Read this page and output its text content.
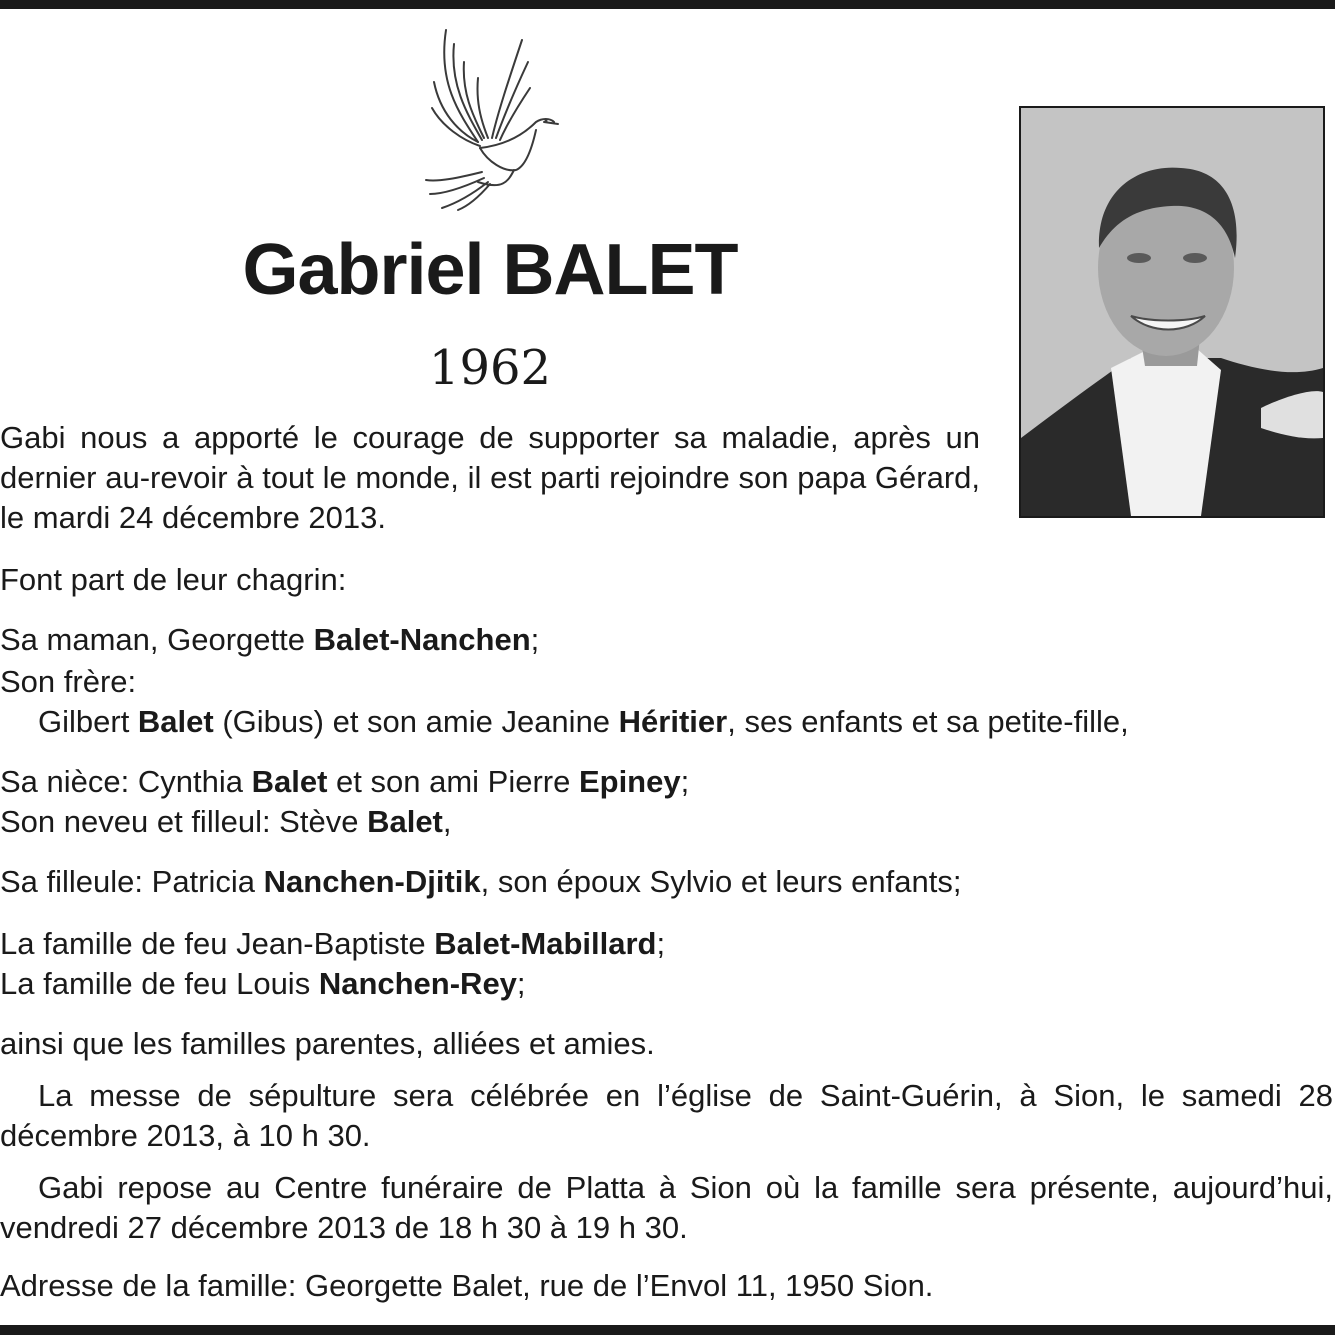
Gabriel BALET
1962
Gabi nous a apporté le courage de supporter sa maladie, après un dernier au-revoir à tout le monde, il est parti rejoindre son papa Gérard, le mardi 24 décembre 2013.
Font part de leur chagrin:
Sa maman, Georgette Balet-Nanchen;
Son frère:
Gilbert Balet (Gibus) et son amie Jeanine Héritier, ses enfants et sa petite-fille,
Sa nièce: Cynthia Balet et son ami Pierre Epiney;
Son neveu et filleul: Stève Balet,
Sa filleule: Patricia Nanchen-Djitik, son époux Sylvio et leurs enfants;
La famille de feu Jean-Baptiste Balet-Mabillard;
La famille de feu Louis Nanchen-Rey;
ainsi que les familles parentes, alliées et amies.
La messe de sépulture sera célébrée en l’église de Saint-Guérin, à Sion, le samedi 28 décembre 2013, à 10 h 30.
Gabi repose au Centre funéraire de Platta à Sion où la famille sera présente, aujourd’hui, vendredi 27 décembre 2013 de 18 h 30 à 19 h 30.
Adresse de la famille: Georgette Balet, rue de l’Envol 11, 1950 Sion.
